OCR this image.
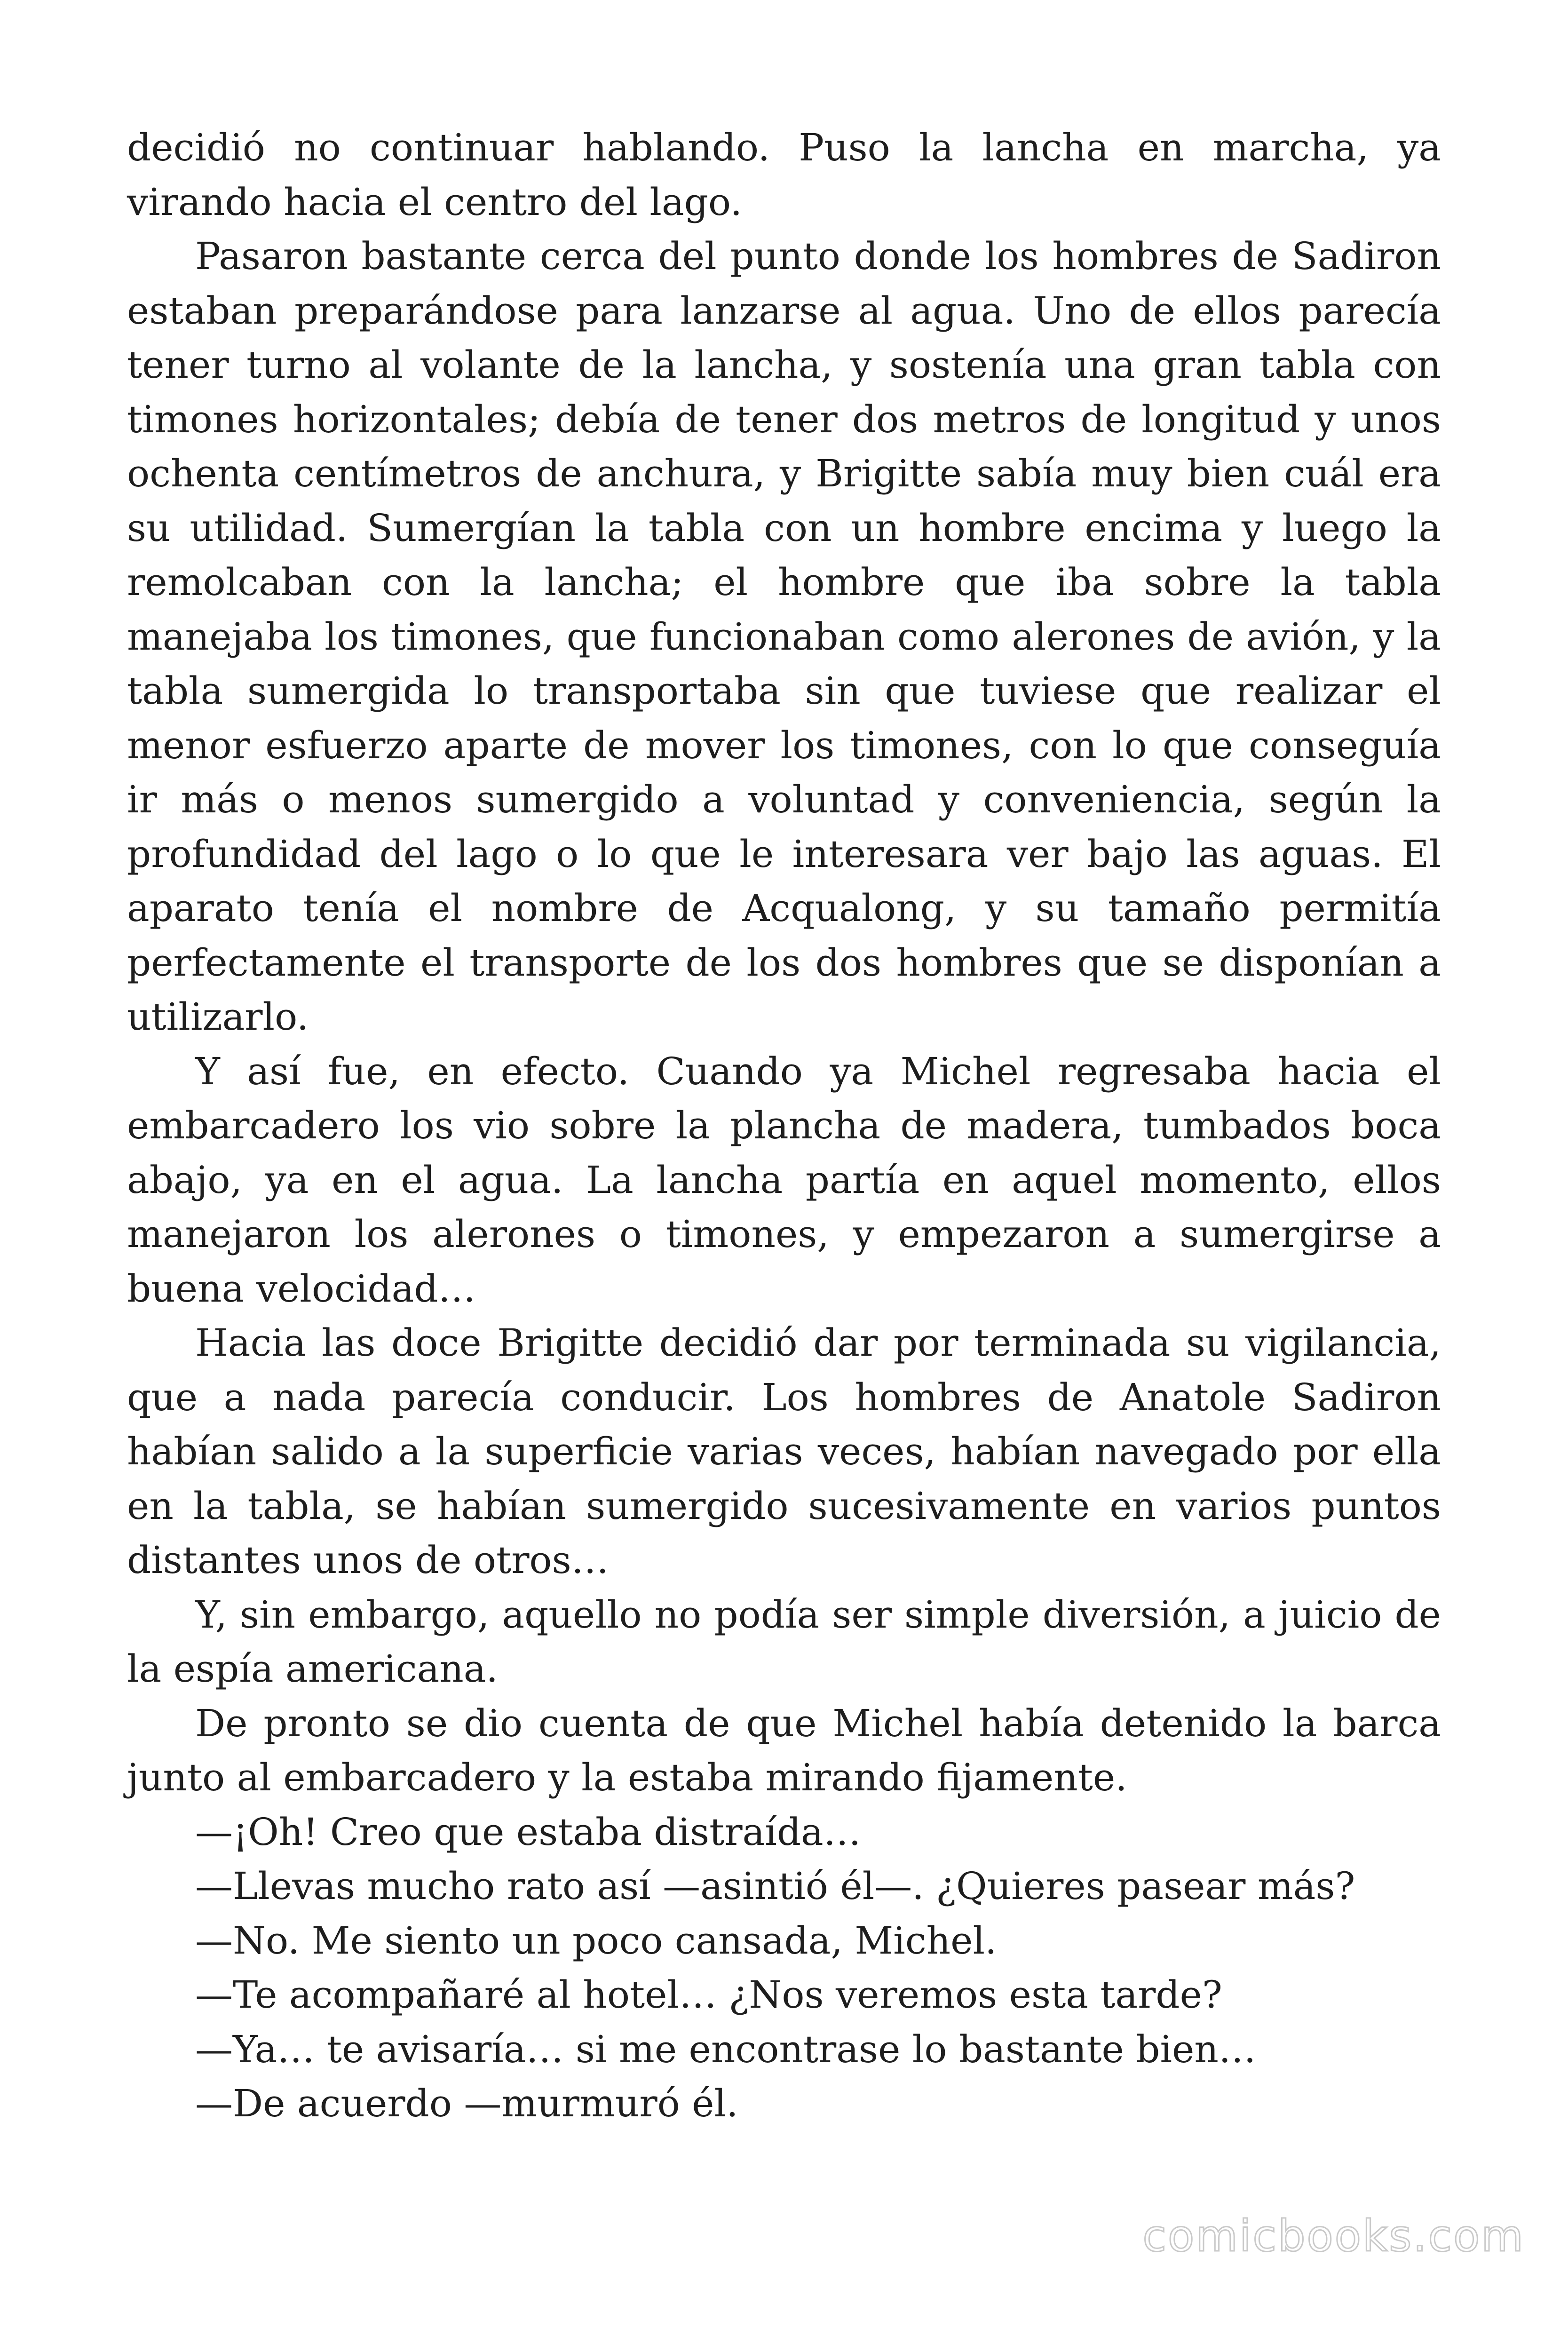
decidió no continuar hablando. Puso la lancha en marcha, ya virando hacia el centro del lago.

Pasaron bastante cerca del punto donde los hombres de Sadiron estaban preparándose para lanzarse al agua. Uno de ellos parecía tener turno al volante de la lancha, y sostenía una gran tabla con timones horizontales; debía de tener dos metros de longitud y unos ochenta centímetros de anchura, y Brigitte sabía muy bien cuál era su utilidad. Sumergían la tabla con un hombre encima y luego la remolcaban con la lancha; el hombre que iba sobre la tabla manejaba los timones, que funcionaban como alerones de avión, y la tabla sumergida lo transportaba sin que tuviese que realizar el menor esfuerzo aparte de mover los timones, con lo que conseguía ir más o menos sumergido a voluntad y conveniencia, según la profundidad del lago o lo que le interesara ver bajo las aguas. El aparato tenía el nombre de Acqualong, y su tamaño permitía perfectamente el transporte de los dos hombres que se disponían a utilizarlo.

Y así fue, en efecto. Cuando ya Michel regresaba hacia el embarcadero los vio sobre la plancha de madera, tumbados boca abajo, ya en el agua. La lancha partía en aquel momento, ellos manejaron los alerones o timones, y empezaron a sumergirse a buena velocidad…

Hacia las doce Brigitte decidió dar por terminada su vigilancia, que a nada parecía conducir. Los hombres de Anatole Sadiron habían salido a la superficie varias veces, habían navegado por ella en la tabla, se habían sumergido sucesivamente en varios puntos distantes unos de otros…

Y, sin embargo, aquello no podía ser simple diversión, a juicio de la espía americana.

De pronto se dio cuenta de que Michel había detenido la barca junto al embarcadero y la estaba mirando fijamente.

—¡Oh! Creo que estaba distraída…

—Llevas mucho rato así —asintió él—. ¿Quieres pasear más?

—No. Me siento un poco cansada, Michel.

—Te acompañaré al hotel… ¿Nos veremos esta tarde?

—Ya… te avisaría… si me encontrase lo bastante bien…

—De acuerdo —murmuró él.

comicbooks.com
